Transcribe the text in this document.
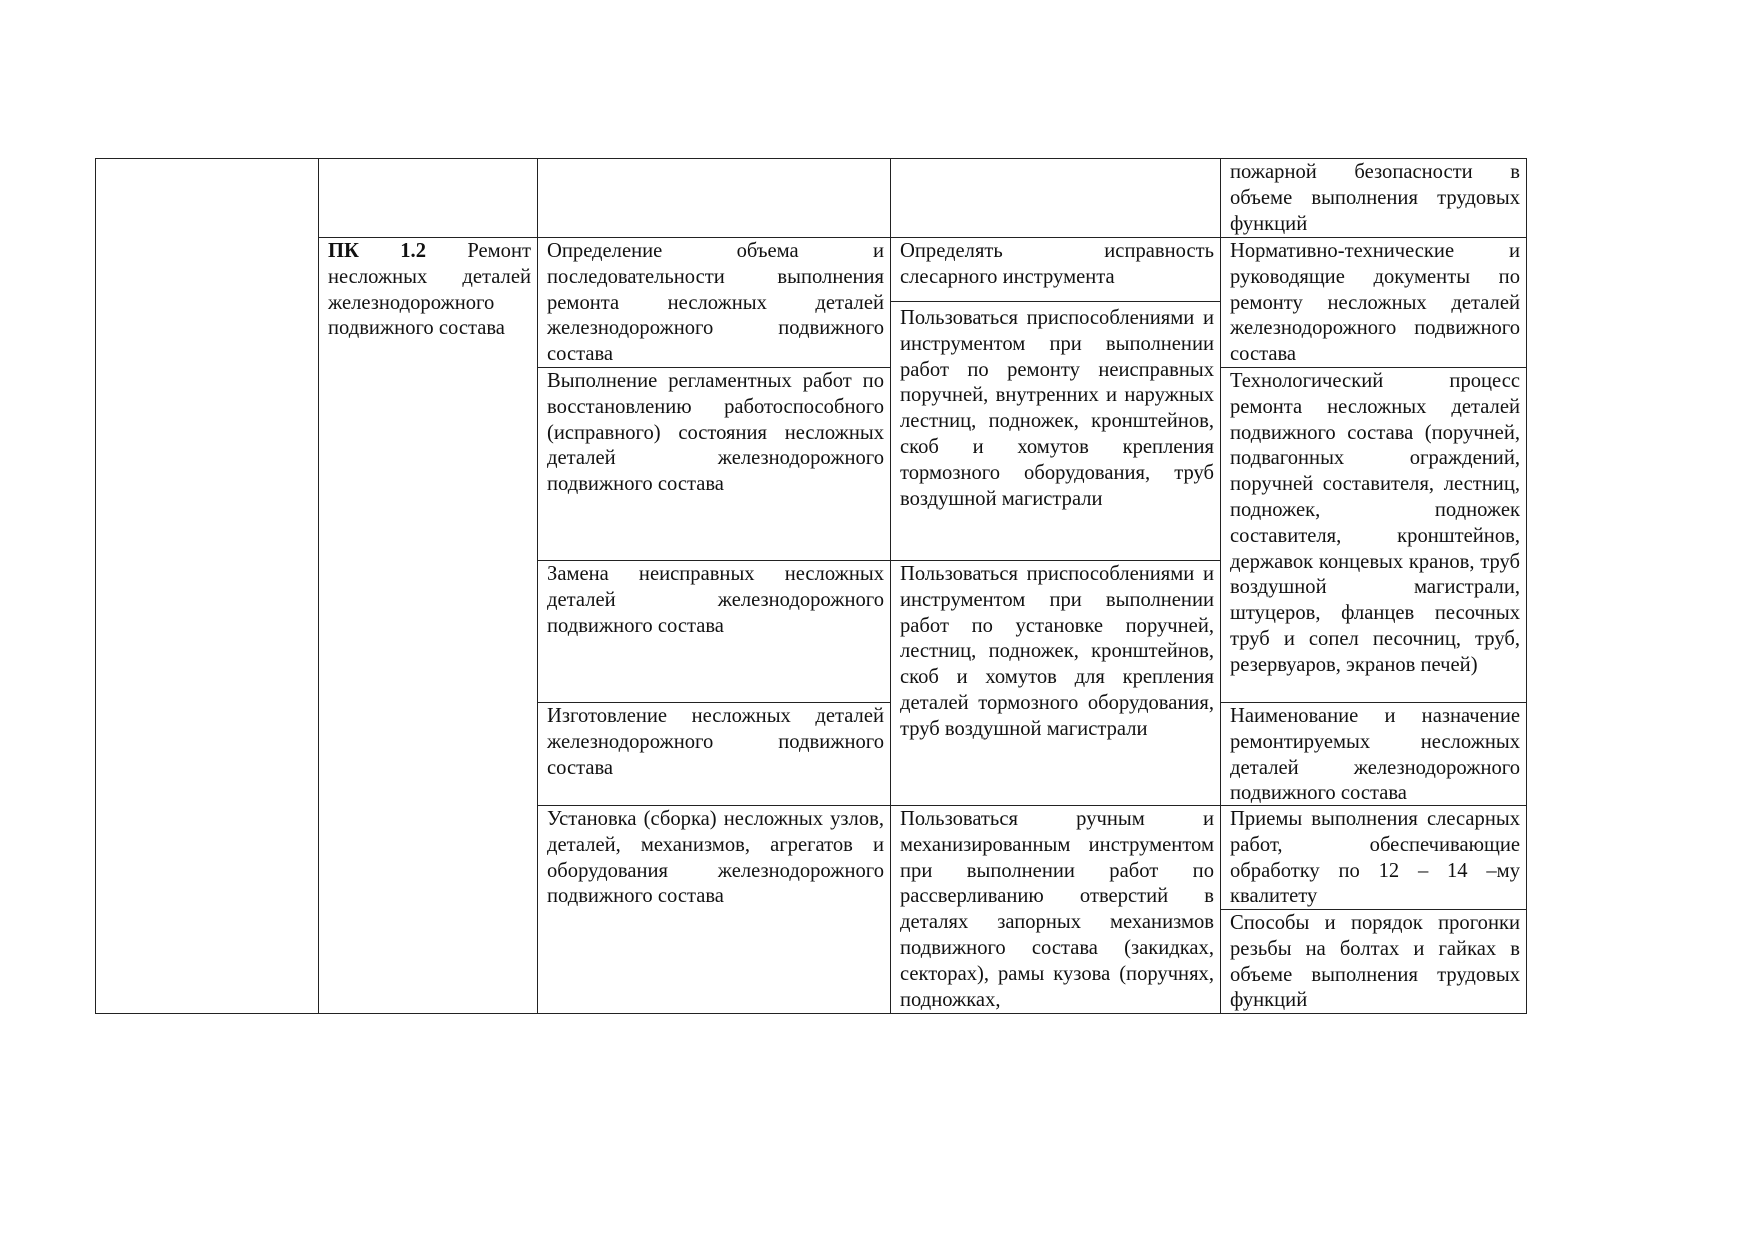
ПК 1.2 Ремонт несложных деталей железнодорожного подвижного состава
Определение объема и последовательности выполнения ремонта несложных деталей железнодорожного подвижного состава
Выполнение регламентных работ по восстановлению работоспособного (исправного) состояния несложных деталей железнодорожного подвижного состава
Замена неисправных несложных деталей железнодорожного подвижного состава
Изготовление несложных деталей железнодорожного подвижного состава
Установка (сборка) несложных узлов, деталей, механизмов, агрегатов и оборудования железнодорожного подвижного состава
Определять исправность слесарного инструмента
Пользоваться приспособлениями и инструментом при выполнении работ по ремонту неисправных поручней, внутренних и наружных лестниц, подножек, кронштейнов, скоб и хомутов крепления тормозного оборудования, труб воздушной магистрали
Пользоваться приспособлениями и инструментом при выполнении работ по установке поручней, лестниц, подножек, кронштейнов, скоб и хомутов для крепления деталей тормозного оборудования, труб воздушной магистрали
Пользоваться ручным и механизированным инструментом при выполнении работ по рассверливанию отверстий в деталях запорных механизмов подвижного состава (закидках, секторах), рамы кузова (поручнях, подножках,
пожарной безопасности в объеме выполнения трудовых функций
Нормативно-технические и руководящие документы по ремонту несложных деталей железнодорожного подвижного состава
Технологический процесс ремонта несложных деталей подвижного состава (поручней, подвагонных ограждений, поручней составителя, лестниц, подножек, подножек составителя, кронштейнов, державок концевых кранов, труб воздушной магистрали, штуцеров, фланцев песочных труб и сопел песочниц, труб, резервуаров, экранов печей)
Наименование и назначение ремонтируемых несложных деталей железнодорожного подвижного состава
Приемы выполнения слесарных работ, обеспечивающие обработку по 12 – 14 –му квалитету
Способы и порядок прогонки резьбы на болтах и гайках в объеме выполнения трудовых функций
